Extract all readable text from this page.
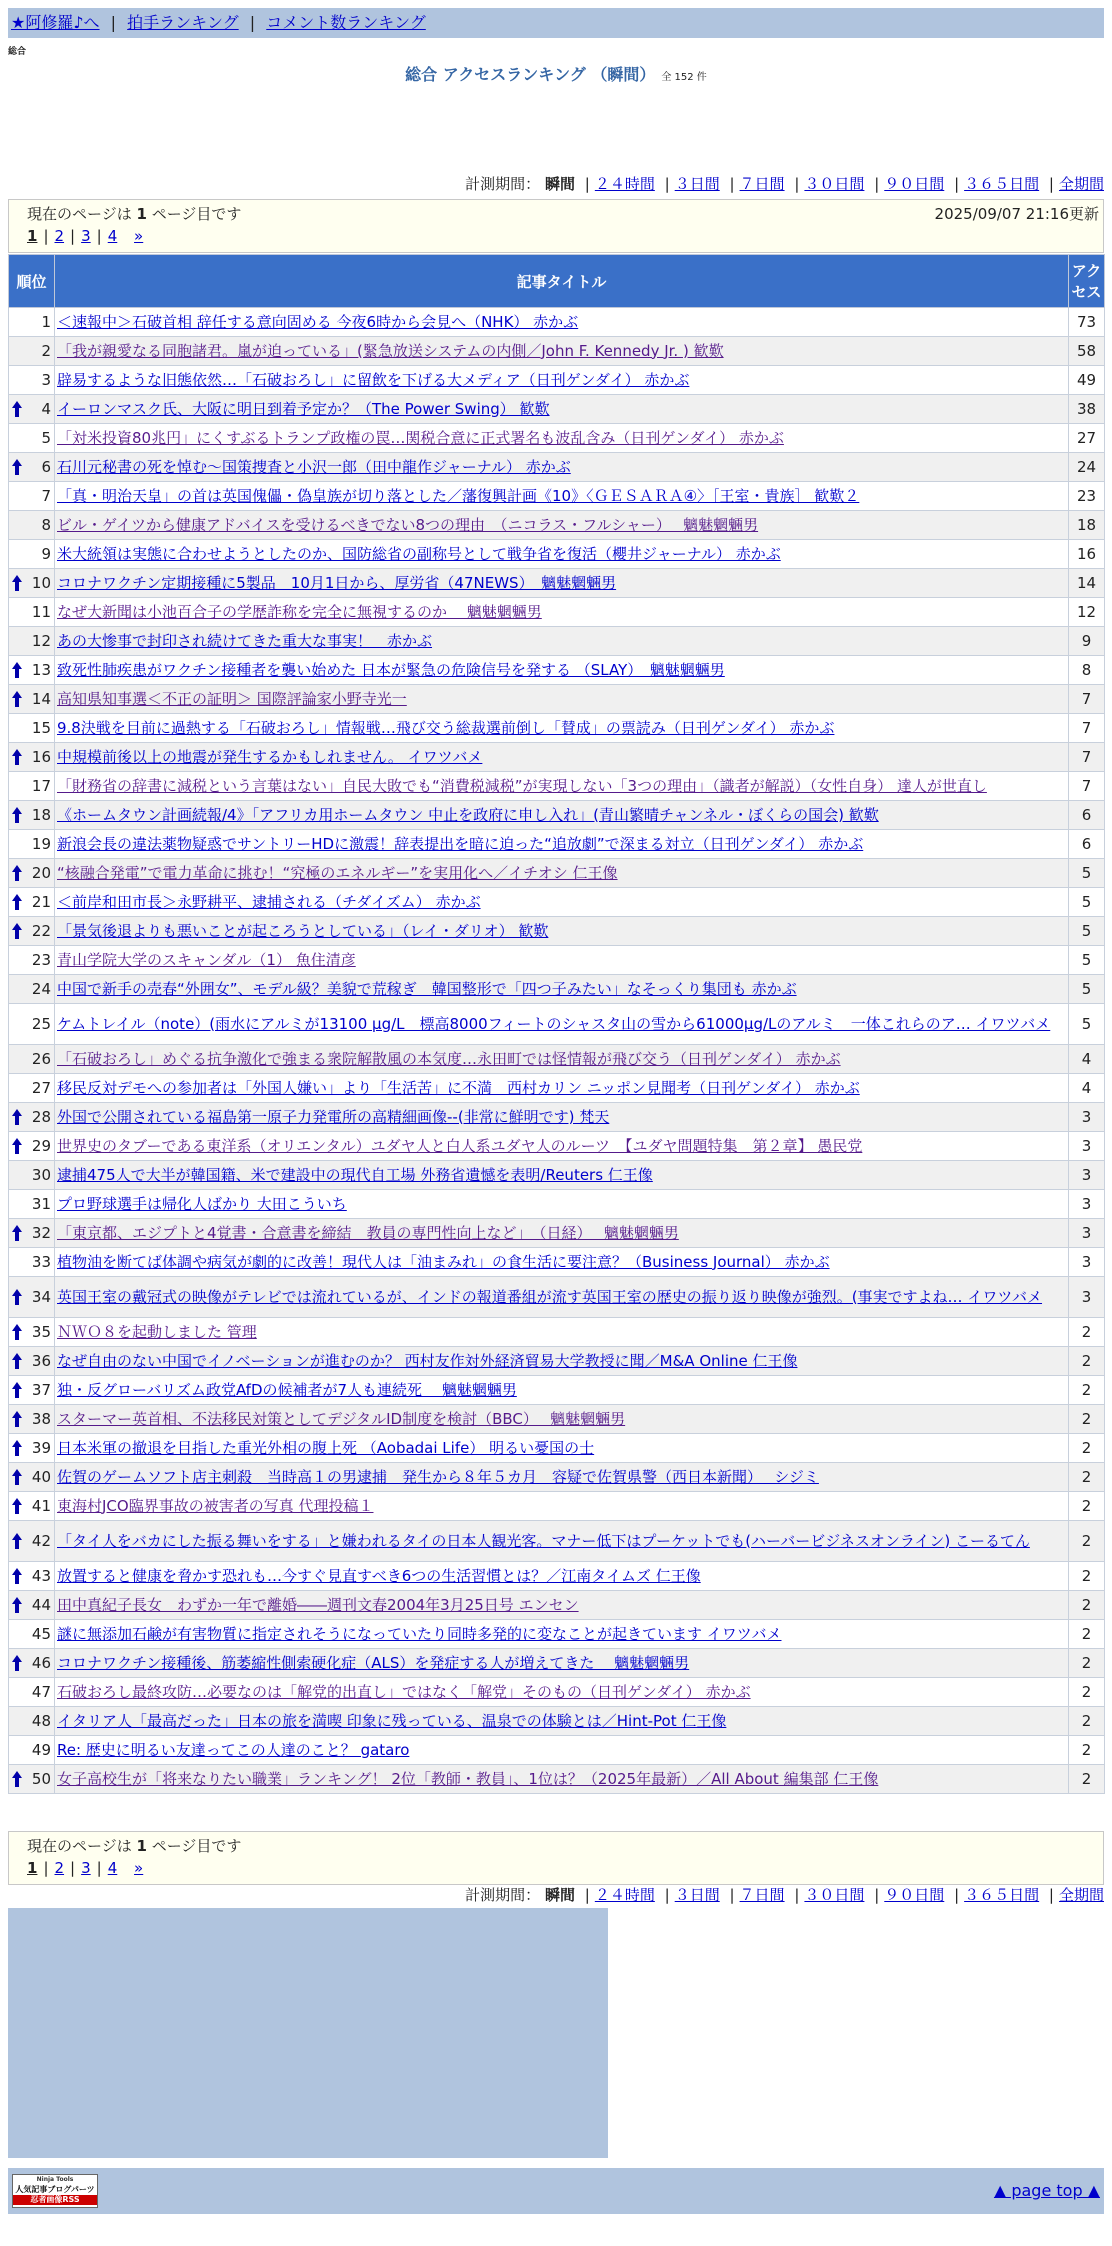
★阿修羅♪へ | 拍手ランキング | コメント数ランキング
総合
総合 アクセスランキング （瞬間） 全 152 件
計測期間： 瞬間 | ２４時間 | ３日間 | ７日間 | ３０日間 | ９０日間 | ３６５日間 | 全期間
現在のページは 1 ページ目です	2025/09/07 21:16更新
1 | 2 | 3 | 4 »
順位	記事タイトル	アクセス
1	＜速報中＞石破首相 辞任する意向固める 今夜6時から会見へ（NHK） 赤かぶ	73
2	「我が親愛なる同胞諸君。嵐が迫っている」(緊急放送システムの内側／John F. Kennedy Jr. ) 歓歎	58
3	辟易するような旧態依然…「石破おろし」に留飲を下げる大メディア（日刊ゲンダイ） 赤かぶ	49

4	イーロンマスク氏、大阪に明日到着予定か？（The Power Swing） 歓歎	38
5	「対米投資80兆円」にくすぶるトランプ政権の罠…関税合意に正式署名も波乱含み（日刊ゲンダイ） 赤かぶ	27

6	石川元秘書の死を悼む〜国策捜査と小沢一郎（田中龍作ジャーナル） 赤かぶ	24
7	「真・明治天皇」の首は英国傀儡・偽皇族が切り落とした／藩復興計画《10》〈ＧＥＳＡＲＡ④〉［王室・貴族］ 歓歎２	23
8	ビル・ゲイツから健康アドバイスを受けるべきでない8つの理由　（ニコラス・フルシャー）　 魑魅魍魎男	18
9	米大統領は実態に合わせようとしたのか、国防総省の副称号として戦争省を復活（櫻井ジャーナル） 赤かぶ	16

10	コロナワクチン定期接種に5製品　10月1日から、厚労省（47NEWS）　魑魅魍魎男	14
11	なぜ大新聞は小池百合子の学歴詐称を完全に無視するのか　 魑魅魍魎男	12
12	あの大惨事で封印され続けてきた重大な事実！　赤かぶ	9

13	致死性肺疾患がワクチン接種者を襲い始めた 日本が緊急の危険信号を発する （SLAY）　魑魅魍魎男	8

14	高知県知事選＜不正の証明＞ 国際評論家小野寺光一	7
15	9.8決戦を目前に過熱する「石破おろし」情報戦…飛び交う総裁選前倒し「賛成」の票読み（日刊ゲンダイ） 赤かぶ	7

16	中規模前後以上の地震が発生するかもしれません。 イワツバメ	7
17	「財務省の辞書に減税という言葉はない」自民大敗でも“消費税減税”が実現しない「3つの理由」（識者が解説）（女性自身） 達人が世直し	7

18	《ホームタウン計画続報/4》「アフリカ用ホームタウン 中止を政府に申し入れ」(青山繁晴チャンネル・ぼくらの国会) 歓歎	6
19	新浪会長の違法薬物疑惑でサントリーHDに激震！辞表提出を暗に迫った“追放劇”で深まる対立（日刊ゲンダイ） 赤かぶ	6

20	“核融合発電”で電力革命に挑む！“究極のエネルギー”を実用化へ／イチオシ 仁王像	5

21	＜前岸和田市長＞永野耕平、逮捕される（チダイズム） 赤かぶ	5

22	「景気後退よりも悪いことが起ころうとしている」（レイ・ダリオ） 歓歎	5
23	青山学院大学のスキャンダル（1） 魚住清彦	5
24	中国で新手の売春“外囲女”、モデル級？美貌で荒稼ぎ　韓国整形で「四つ子みたい」なそっくり集団も 赤かぶ	5
25	ケムトレイル（note）(雨水にアルミが13100 μg/L　標高8000フィートのシャスタ山の雪から61000μg/Lのアルミ　一体これらのア… イワツバメ	5
26	「石破おろし」めぐる抗争激化で強まる衆院解散風の本気度…永田町では怪情報が飛び交う（日刊ゲンダイ） 赤かぶ	4
27	移民反対デモへの参加者は「外国人嫌い」より「生活苦」に不満　西村カリン ニッポン見聞考（日刊ゲンダイ） 赤かぶ	4

28	外国で公開されている福島第一原子力発電所の高精細画像--(非常に鮮明です) 梵天	3

29	世界史のタブーである東洋系（オリエンタル）ユダヤ人と白人系ユダヤ人のルーツ　【ユダヤ問題特集　第２章】 愚民党	3
30	逮捕475人で大半が韓国籍、米で建設中の現代自工場 外務省遺憾を表明/Reuters 仁王像	3
31	プロ野球選手は帰化人ばかり 大田こういち	3

32	「東京都、エジプトと4覚書・合意書を締結　教員の専門性向上など」　（日経）　 魑魅魍魎男	3
33	植物油を断てば体調や病気が劇的に改善！現代人は「油まみれ」の食生活に要注意？（Business Journal） 赤かぶ	3

34	英国王室の戴冠式の映像がテレビでは流れているが、インドの報道番組が流す英国王室の歴史の振り返り映像が強烈。(事実ですよね… イワツバメ	3

35	ＮＷＯ８を起動しました 管理	2

36	なぜ自由のない中国でイノベーションが進むのか？ 西村友作対外経済貿易大学教授に聞／M&A Online 仁王像	2

37	独・反グローバリズム政党AfDの候補者が7人も連続死　 魑魅魍魎男	2

38	スターマー英首相、不法移民対策としてデジタルID制度を検討（BBC）　 魑魅魍魎男	2

39	日本米軍の撤退を目指した重光外相の腹上死 （Aobadai Life） 明るい憂国の士	2

40	佐賀のゲームソフト店主刺殺　当時高１の男逮捕　発生から８年５カ月　容疑で佐賀県警（西日本新聞）　 シジミ	2

41	東海村JCO臨界事故の被害者の写真 代理投稿１	2

42	「タイ人をバカにした振る舞いをする」と嫌われるタイの日本人観光客。マナー低下はプーケットでも(ハーバービジネスオンライン) こーるてん	2

43	放置すると健康を脅かす恐れも…今すぐ見直すべき6つの生活習慣とは？／江南タイムズ 仁王像	2

44	田中真紀子長女　わずか一年で離婚――週刊文春2004年3月25日号 エンセン	2
45	謎に無添加石鹸が有害物質に指定されそうになっていたり同時多発的に変なことが起きています イワツバメ	2

46	コロナワクチン接種後、筋萎縮性側索硬化症（ALS）を発症する人が増えてきた　 魑魅魍魎男	2
47	石破おろし最終攻防…必要なのは「解党的出直し」ではなく「解党」そのもの（日刊ゲンダイ） 赤かぶ	2
48	イタリア人「最高だった」日本の旅を満喫 印象に残っている、温泉での体験とは／Hint-Pot 仁王像	2
49	Re: 歴史に明るい友達ってこの人達のこと？ gataro	2

50	女子高校生が「将来なりたい職業」ランキング！ 2位「教師・教員」、1位は？（2025年最新）／All About 編集部 仁王像	2
現在のページは 1 ページ目です
1 | 2 | 3 | 4 »
計測期間： 瞬間 | ２４時間 | ３日間 | ７日間 | ３０日間 | ９０日間 | ３６５日間 | 全期間
Ninja Tools
人気記事ブログパーツ
忍者画像RSS	▲ page top ▲
